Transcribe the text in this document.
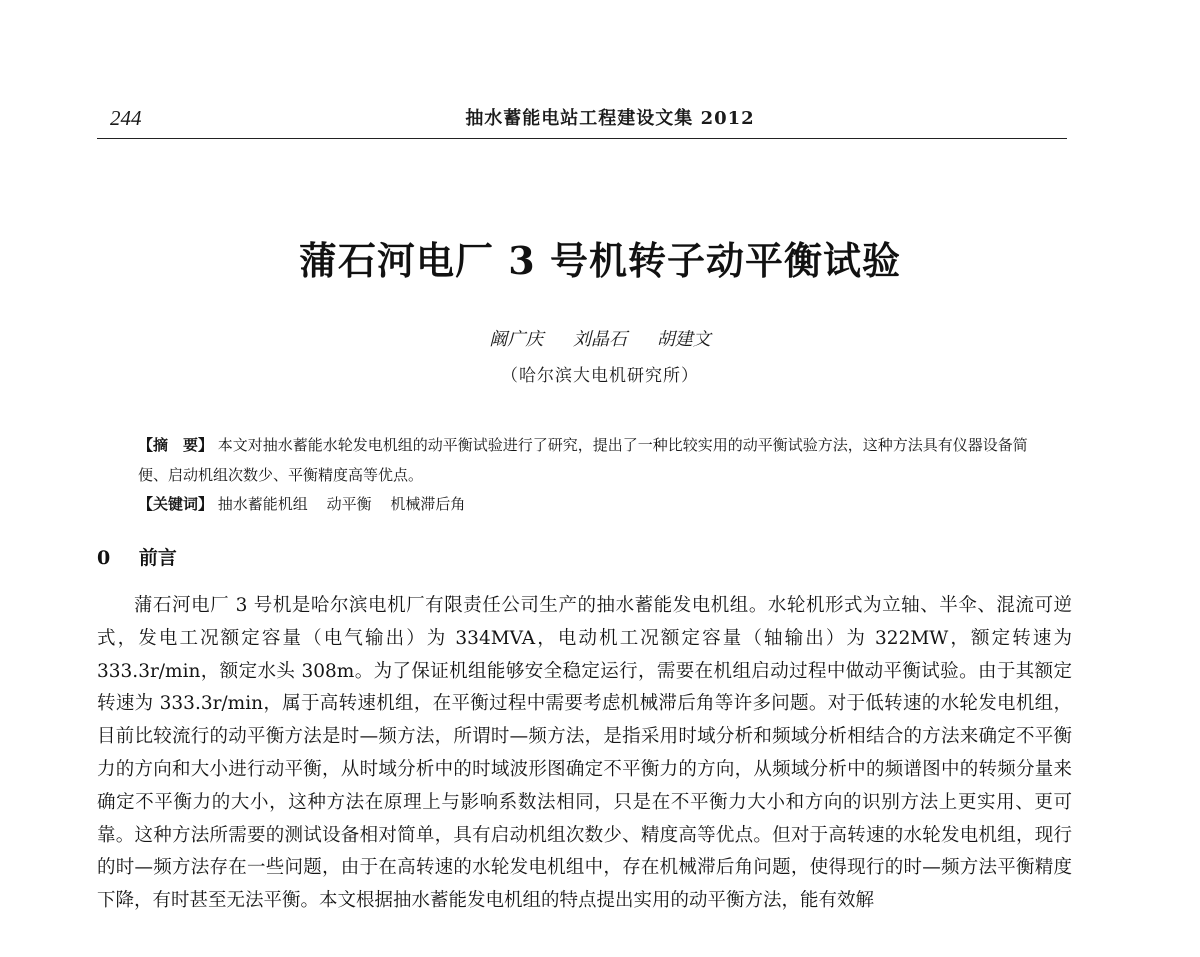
244	抽水蓄能电站工程建设文集 2012
蒲石河电厂 3 号机转子动平衡试验
阚广庆 刘晶石 胡建文
（哈尔滨大电机研究所）
【摘　要】 本文对抽水蓄能水轮发电机组的动平衡试验进行了研究，提出了一种比较实用的动平衡试验方法，这种方法具有仪器设备简便、启动机组次数少、平衡精度高等优点。
【关键词】 抽水蓄能机组 动平衡 机械滞后角
0 前言
蒲石河电厂 3 号机是哈尔滨电机厂有限责任公司生产的抽水蓄能发电机组。水轮机形式为立轴、半伞、混流可逆式，发电工况额定容量（电气输出）为 334MVA，电动机工况额定容量（轴输出）为 322MW，额定转速为 333.3r/min，额定水头 308m。为了保证机组能够安全稳定运行，需要在机组启动过程中做动平衡试验。由于其额定转速为 333.3r/min，属于高转速机组，在平衡过程中需要考虑机械滞后角等许多问题。对于低转速的水轮发电机组，目前比较流行的动平衡方法是时—频方法，所谓时—频方法，是指采用时域分析和频域分析相结合的方法来确定不平衡力的方向和大小进行动平衡，从时域分析中的时域波形图确定不平衡力的方向，从频域分析中的频谱图中的转频分量来确定不平衡力的大小，这种方法在原理上与影响系数法相同，只是在不平衡力大小和方向的识别方法上更实用、更可靠。这种方法所需要的测试设备相对简单，具有启动机组次数少、精度高等优点。但对于高转速的水轮发电机组，现行的时—频方法存在一些问题，由于在高转速的水轮发电机组中，存在机械滞后角问题，使得现行的时—频方法平衡精度下降，有时甚至无法平衡。本文根据抽水蓄能发电机组的特点提出实用的动平衡方法，能有效解
